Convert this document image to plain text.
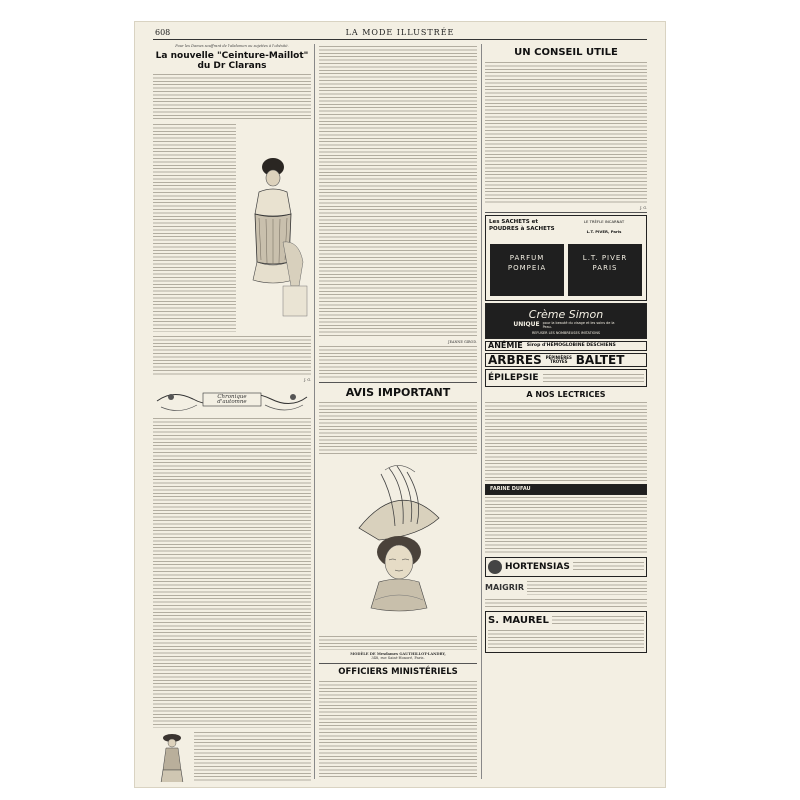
608	LA MODE ILLUSTRÉE
Pour les Dames souffrant de l'abdomen ou sujettes à l'obésité.
La nouvelle "Ceinture-Maillot" du Dr Clarans
J. G.
Chronique d'automne
JEANNE GIROD.
AVIS IMPORTANT
MODÈLE DE Mesdames GAUTHILLOT-LANDRY,
348, rue Saint-Honoré, Paris.
OFFICIERS MINISTÉRIELS
UN CONSEIL UTILE
J. G.
Les SACHETS et POUDRES à SACHETS
LE TRÈFLE INCARNAT
L.T. PIVER, Paris
PARFUM
POMPEIA
L.T. PIVER
PARIS
Crème Simon
UNIQUE pour la beauté du visage et les soins de la Peau.
REFUSER LES NOMBREUSES IMITATIONS
ANÉMIE Sirop d'HÉMOGLOBINE DESCHIENS
ARBRES PÉPINIÈRES TROYES BALTET
ÉPILEPSIE
A NOS LECTRICES
FARINE DUFAU
HORTENSIAS
MAIGRIR
S. MAUREL
